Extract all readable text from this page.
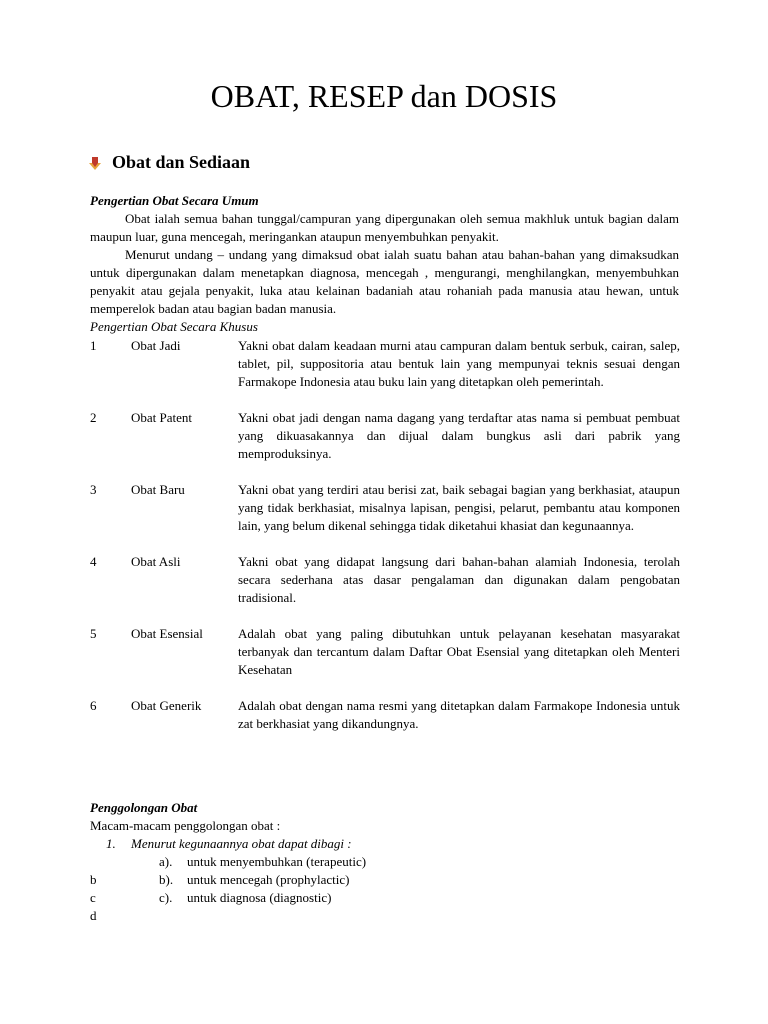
OBAT, RESEP dan DOSIS
Obat dan Sediaan
Pengertian Obat Secara Umum

Obat ialah semua bahan tunggal/campuran yang dipergunakan oleh semua makhluk untuk bagian dalam maupun luar, guna mencegah, meringankan ataupun menyembuhkan penyakit.

Menurut undang – undang yang dimaksud obat ialah suatu bahan atau bahan-bahan yang dimaksudkan untuk dipergunakan dalam menetapkan diagnosa, mencegah , mengurangi, menghilangkan, menyembuhkan penyakit atau gejala penyakit, luka atau kelainan badaniah atau rohaniah pada manusia atau hewan, untuk memperelok badan atau bagian badan manusia.

Pengertian Obat Secara Khusus
1	Obat Jadi	Yakni obat dalam keadaan murni atau campuran dalam bentuk serbuk, cairan, salep, tablet, pil, suppositoria atau bentuk lain yang mempunyai teknis sesuai dengan Farmakope Indonesia atau buku lain yang ditetapkan oleh pemerintah.
2	Obat Patent	Yakni obat jadi dengan nama dagang yang terdaftar atas nama si pembuat pembuat yang dikuasakannya dan dijual dalam bungkus asli dari pabrik yang memproduksinya.
3	Obat Baru	Yakni obat yang terdiri atau berisi zat, baik sebagai bagian yang berkhasiat, ataupun yang tidak berkhasiat, misalnya lapisan, pengisi, pelarut, pembantu atau komponen lain, yang belum dikenal sehingga tidak diketahui khasiat dan kegunaannya.
4	Obat Asli	Yakni obat yang didapat langsung dari bahan-bahan alamiah Indonesia, terolah secara sederhana atas dasar pengalaman dan digunakan dalam pengobatan tradisional.
5	Obat Esensial	Adalah obat yang paling dibutuhkan untuk pelayanan kesehatan masyarakat terbanyak dan tercantum dalam Daftar Obat Esensial yang ditetapkan oleh Menteri Kesehatan
6	Obat Generik	Adalah obat dengan nama resmi yang ditetapkan dalam Farmakope Indonesia untuk zat berkhasiat yang dikandungnya.
Penggolongan Obat
Macam-macam penggolongan obat :
1. Menurut kegunaannya obat dapat dibagi :
a). untuk menyembuhkan (terapeutic)
b	b). untuk mencegah (prophylactic)
c	c). untuk diagnosa (diagnostic)
d
